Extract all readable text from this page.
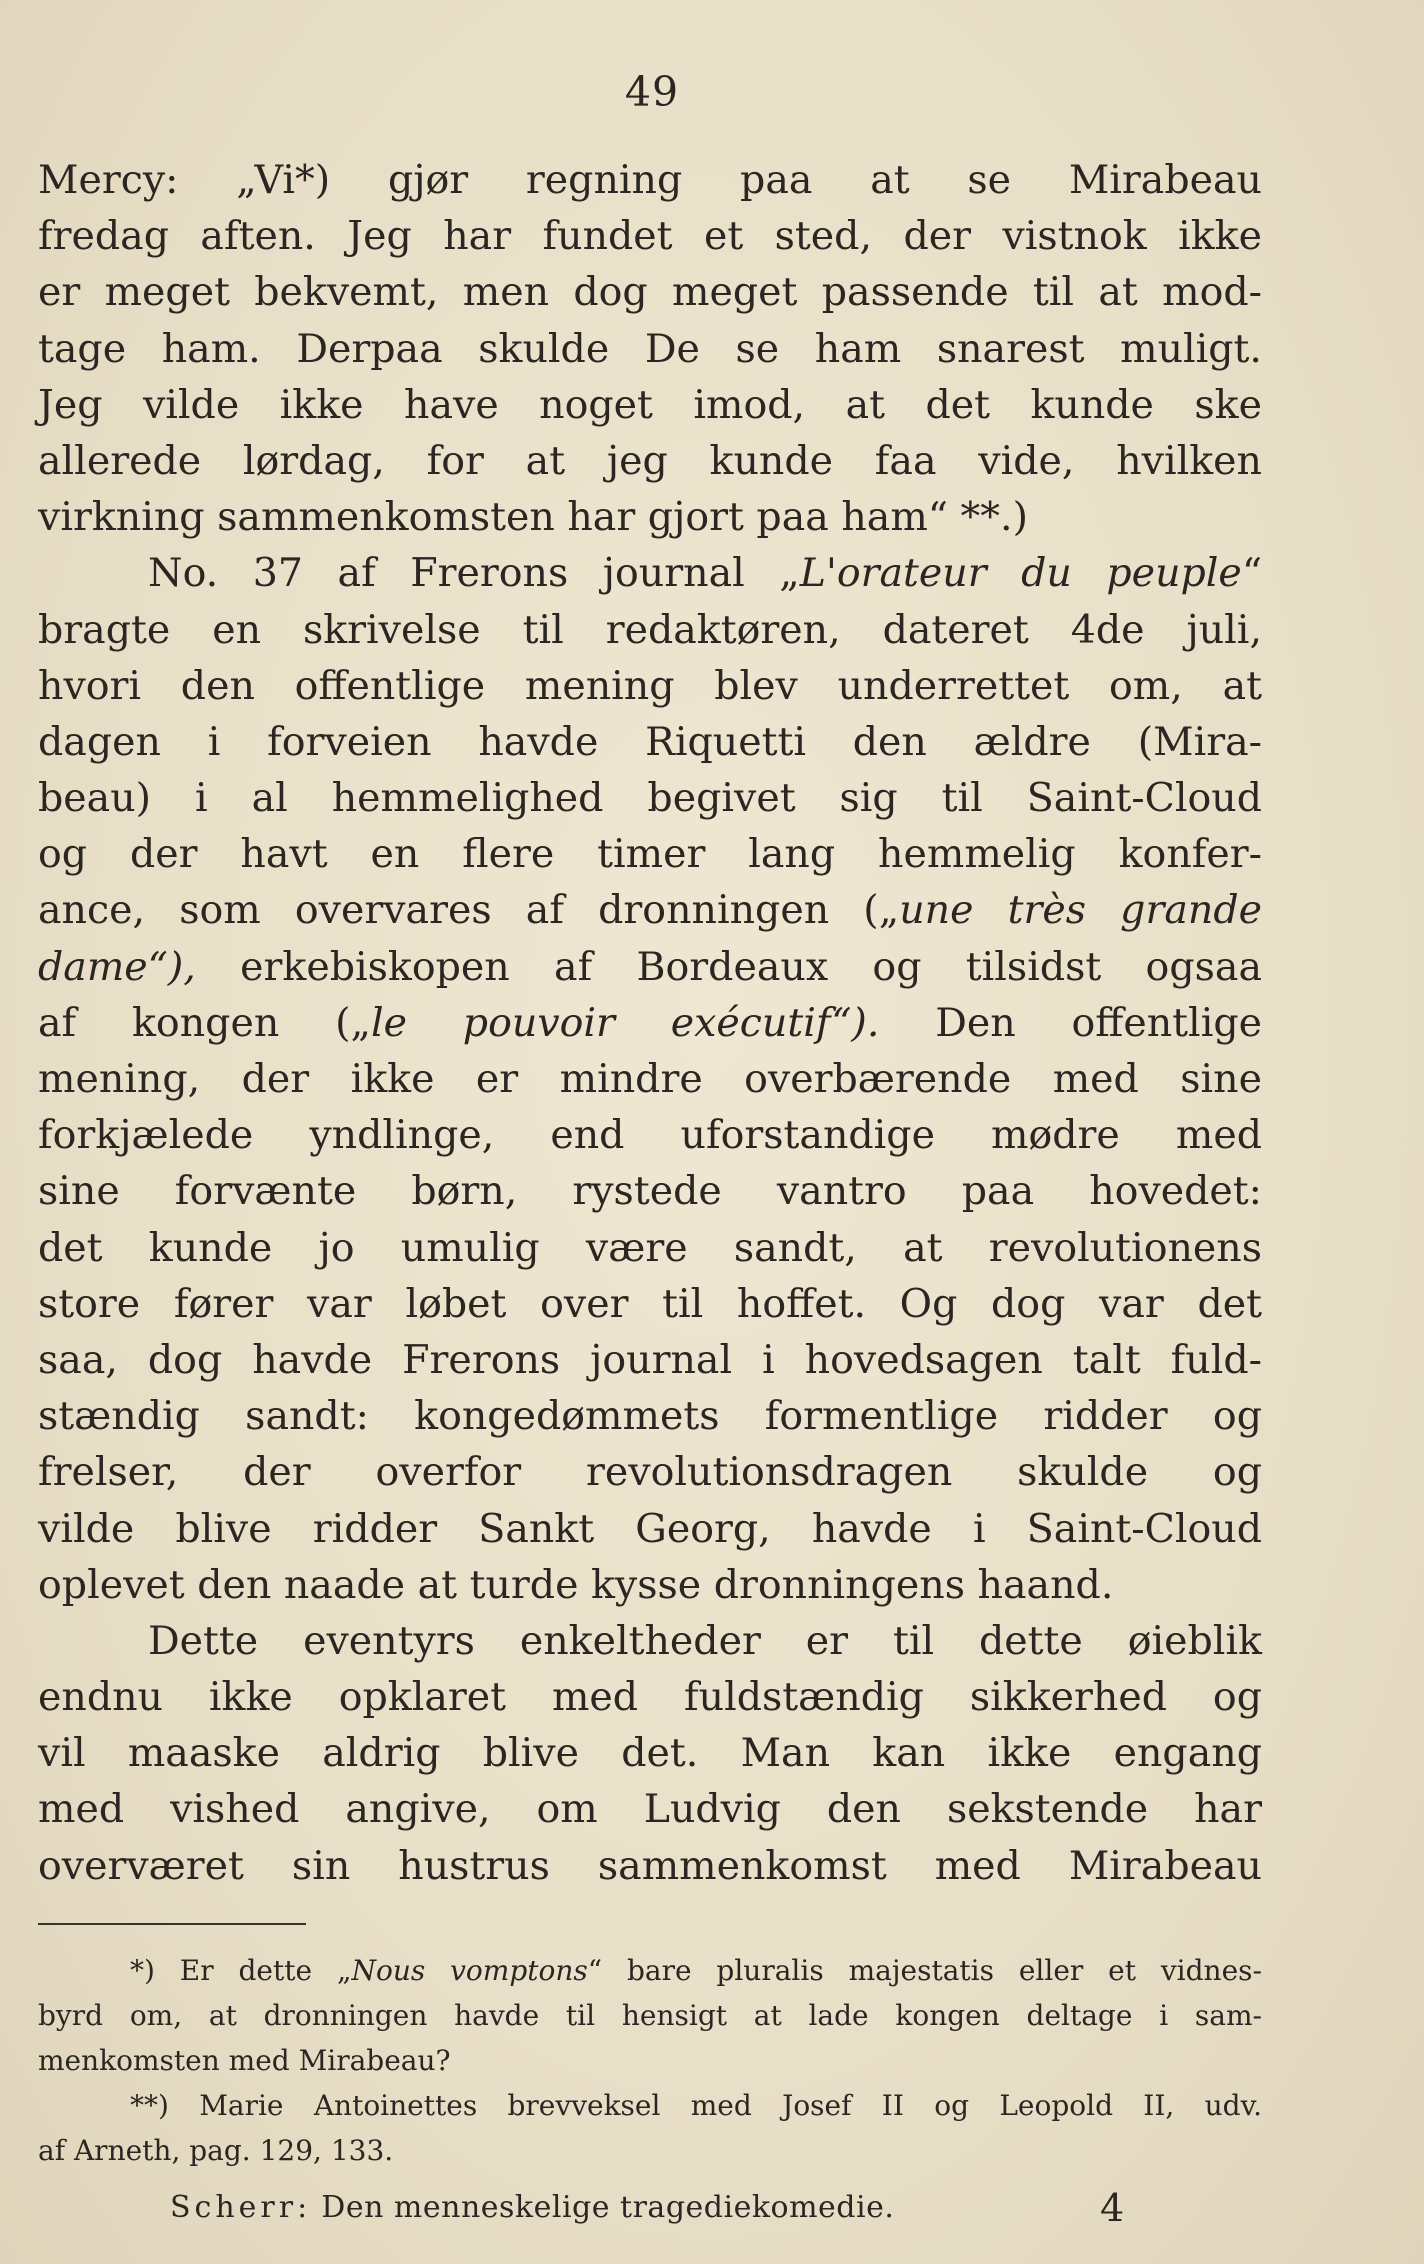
49
Mercy: „Vi*) gjør regning paa at se Mirabeau
fredag aften. Jeg har fundet et sted, der vistnok ikke
er meget bekvemt, men dog meget passende til at mod-
tage ham. Derpaa skulde De se ham snarest muligt.
Jeg vilde ikke have noget imod, at det kunde ske
allerede lørdag, for at jeg kunde faa vide, hvilken
virkning sammenkomsten har gjort paa ham“ **.)
No. 37 af Frerons journal „L'orateur du peuple“
bragte en skrivelse til redaktøren, dateret 4de juli,
hvori den offentlige mening blev underrettet om, at
dagen i forveien havde Riquetti den ældre (Mira-
beau) i al hemmelighed begivet sig til Saint-Cloud
og der havt en flere timer lang hemmelig konfer-
ance, som overvares af dronningen („une très grande
dame“), erkebiskopen af Bordeaux og tilsidst ogsaa
af kongen („le pouvoir exécutif“). Den offentlige
mening, der ikke er mindre overbærende med sine
forkjælede yndlinge, end uforstandige mødre med
sine forvænte børn, rystede vantro paa hovedet:
det kunde jo umulig være sandt, at revolutionens
store fører var løbet over til hoffet. Og dog var det
saa, dog havde Frerons journal i hovedsagen talt fuld-
stændig sandt: kongedømmets formentlige ridder og
frelser, der overfor revolutionsdragen skulde og
vilde blive ridder Sankt Georg, havde i Saint-Cloud
oplevet den naade at turde kysse dronningens haand.
Dette eventyrs enkeltheder er til dette øieblik
endnu ikke opklaret med fuldstændig sikkerhed og
vil maaske aldrig blive det. Man kan ikke engang
med vished angive, om Ludvig den sekstende har
overværet sin hustrus sammenkomst med Mirabeau
*) Er dette „Nous vomptons“ bare pluralis majestatis eller et vidnes-
byrd om, at dronningen havde til hensigt at lade kongen deltage i sam-
menkomsten med Mirabeau?
**) Marie Antoinettes brevveksel med Josef II og Leopold II, udv.
af Arneth, pag. 129, 133.
Scherr: Den menneskelige tragediekomedie.	4
